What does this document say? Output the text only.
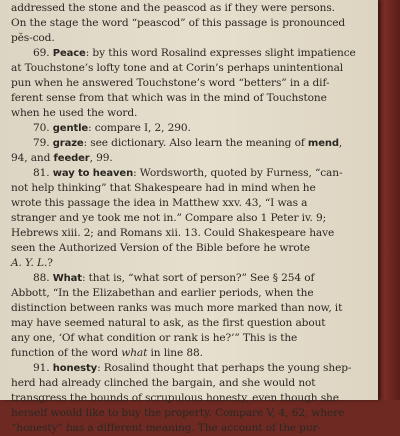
addressed the stone and the peascod as if they were persons.
On the stage the word “peascod” of this passage is pronounced
pĕs-cod.
69. Peace: by this word Rosalind expresses slight impatience
at Touchstone’s lofty tone and at Corin’s perhaps unintentional
pun when he answered Touchstone’s word “betters” in a dif-
ferent sense from that which was in the mind of Touchstone
when he used the word.
70. gentle: compare I, 2, 290.
79. graze: see dictionary. Also learn the meaning of mend,
94, and feeder, 99.
81. way to heaven: Wordsworth, quoted by Furness, “can-
not help thinking” that Shakespeare had in mind when he
wrote this passage the idea in Matthew xxv. 43, “I was a
stranger and ye took me not in.” Compare also 1 Peter iv. 9;
Hebrews xiii. 2; and Romans xii. 13. Could Shakespeare have
seen the Authorized Version of the Bible before he wrote
A. Y. L.?
88. What: that is, “what sort of person?” See § 254 of
Abbott, “In the Elizabethan and earlier periods, when the
distinction between ranks was much more marked than now, it
may have seemed natural to ask, as the first question about
any one, ‘Of what condition or rank is he?’” This is the
function of the word what in line 88.
91. honesty: Rosalind thought that perhaps the young shep-
herd had already clinched the bargain, and she would not
transgress the bounds of scrupulous honesty, even though she
herself would like to buy the property. Compare V, 4, 62, where
“honesty” has a different meaning. The account of the pur-
